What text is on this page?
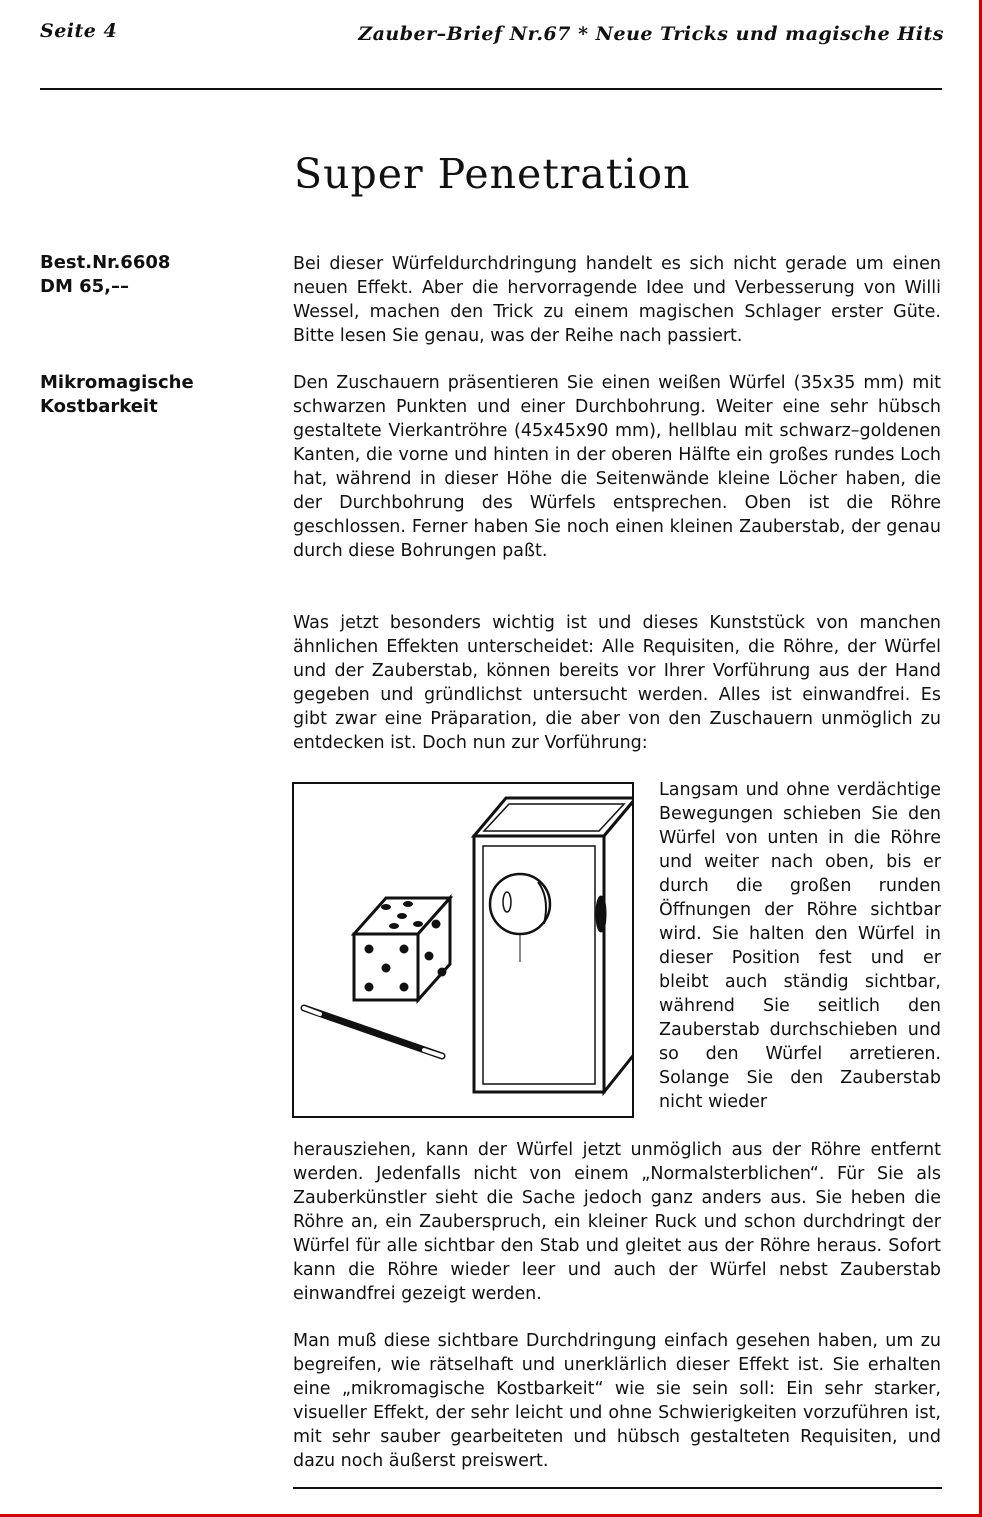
Seite 4	Zauber–Brief Nr.67 * Neue Tricks und magische Hits
Super Penetration
Best.Nr.6608
DM 65,––
Mikromagische
Kostbarkeit

Bei dieser Würfeldurchdringung handelt es sich nicht gerade um einen neuen Effekt. Aber die hervorragende Idee und Verbesserung von Willi Wessel, machen den Trick zu einem magischen Schlager erster Güte. Bitte lesen Sie genau, was der Reihe nach passiert.

Den Zuschauern präsentieren Sie einen weißen Würfel (35x35 mm) mit schwarzen Punkten und einer Durchbohrung. Weiter eine sehr hübsch gestaltete Vierkantröhre (45x45x90 mm), hellblau mit schwarz–goldenen Kanten, die vorne und hinten in der oberen Hälfte ein großes rundes Loch hat, während in dieser Höhe die Seitenwände kleine Löcher haben, die der Durchbohrung des Würfels entsprechen. Oben ist die Röhre geschlossen. Ferner haben Sie noch einen kleinen Zauberstab, der genau durch diese Bohrungen paßt.

Was jetzt besonders wichtig ist und dieses Kunststück von manchen ähnlichen Effekten unterscheidet: Alle Requisiten, die Röhre, der Würfel und der Zauberstab, können bereits vor Ihrer Vorführung aus der Hand gegeben und gründlichst untersucht werden. Alles ist einwandfrei. Es gibt zwar eine Präparation, die aber von den Zuschauern unmöglich zu entdecken ist. Doch nun zur Vorführung:

Langsam und ohne verdächtige Bewegungen schieben Sie den Würfel von unten in die Röhre und weiter nach oben, bis er durch die großen runden Öffnungen der Röhre sichtbar wird. Sie halten den Würfel in dieser Position fest und er bleibt auch ständig sichtbar, während Sie seitlich den Zauberstab durchschieben und so den Würfel arretieren. Solange Sie den Zauberstab nicht wieder

herausziehen, kann der Würfel jetzt unmöglich aus der Röhre entfernt werden. Jedenfalls nicht von einem „Normalsterblichen“. Für Sie als Zauberkünstler sieht die Sache jedoch ganz anders aus. Sie heben die Röhre an, ein Zauberspruch, ein kleiner Ruck und schon durchdringt der Würfel für alle sichtbar den Stab und gleitet aus der Röhre heraus. Sofort kann die Röhre wieder leer und auch der Würfel nebst Zauberstab einwandfrei gezeigt werden.

Man muß diese sichtbare Durchdringung einfach gesehen haben, um zu begreifen, wie rätselhaft und unerklärlich dieser Effekt ist. Sie erhalten eine „mikromagische Kostbarkeit“ wie sie sein soll: Ein sehr starker, visueller Effekt, der sehr leicht und ohne Schwierigkeiten vorzuführen ist, mit sehr sauber gearbeiteten und hübsch gestalteten Requisiten, und dazu noch äußerst preiswert.
